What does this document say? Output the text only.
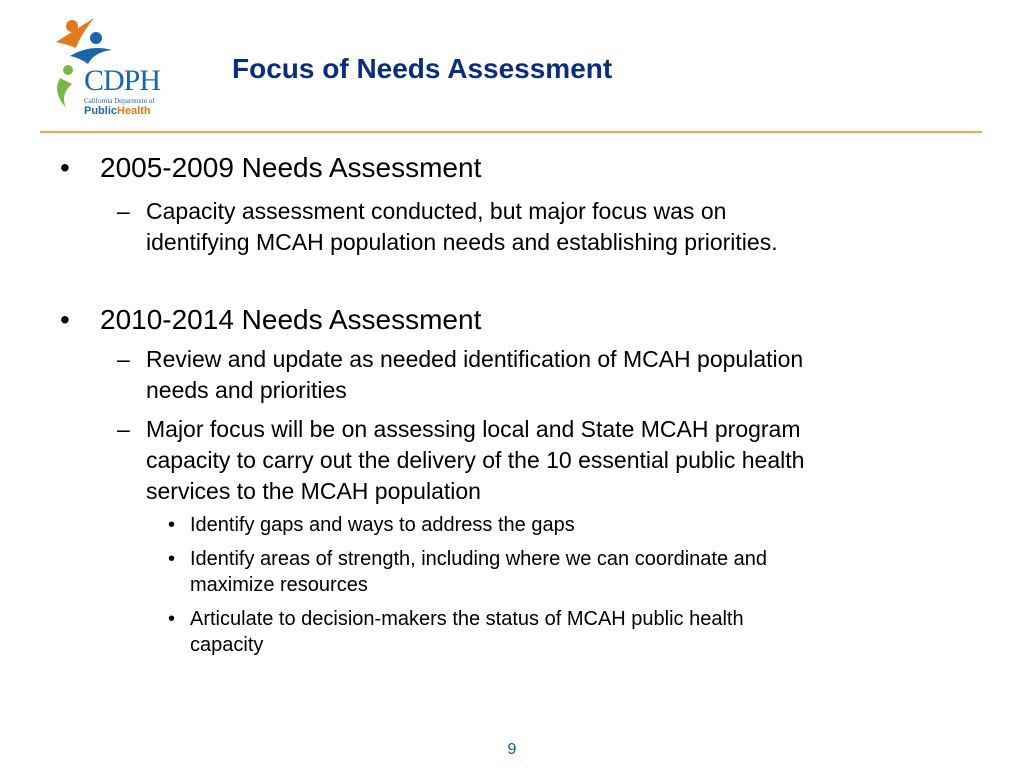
CDPH
California Department of
PublicHealth
Focus of Needs Assessment
• 2005-2009 Needs Assessment
– Capacity assessment conducted, but major focus was on
identifying MCAH population needs and establishing priorities.
• 2010-2014 Needs Assessment
– Review and update as needed identification of MCAH population
needs and priorities
– Major focus will be on assessing local and State MCAH program
capacity to carry out the delivery of the 10 essential public health
services to the MCAH population
• Identify gaps and ways to address the gaps
• Identify areas of strength, including where we can coordinate and
maximize resources
• Articulate to decision-makers the status of MCAH public health
capacity
9
